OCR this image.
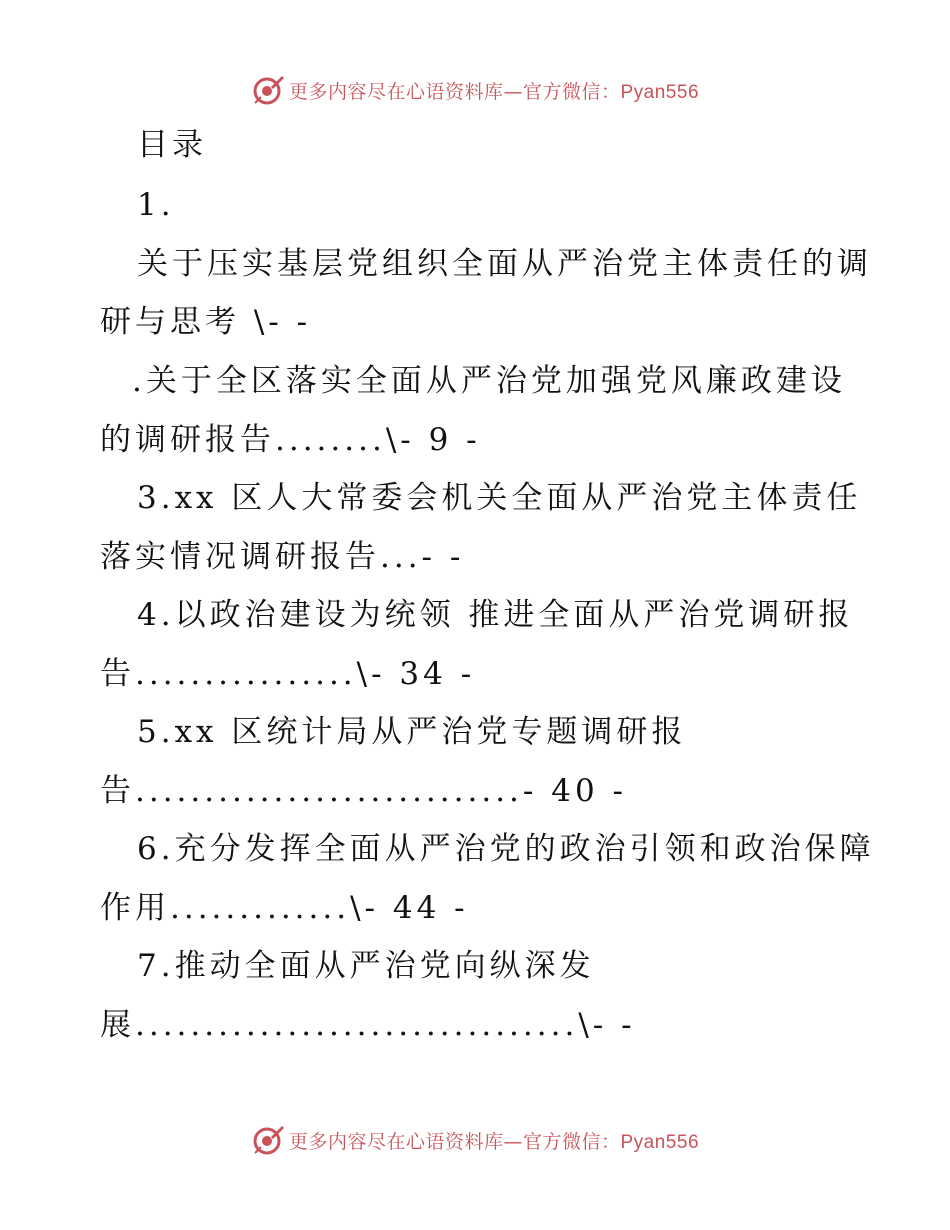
更多内容尽在心语资料库—官方微信：Pyan556
目录
1.
关于压实基层党组织全面从严治党主体责任的调
研与思考 \- -
.关于全区落实全面从严治党加强党风廉政建设
的调研报告........\- 9 -
3.xx 区人大常委会机关全面从严治党主体责任
落实情况调研报告...- -
4.以政治建设为统领 推进全面从严治党调研报
告................\- 34 -
5.xx 区统计局从严治党专题调研报
告............................- 40 -
6.充分发挥全面从严治党的政治引领和政治保障
作用.............\- 44 -
7.推动全面从严治党向纵深发
展................................\- -
更多内容尽在心语资料库—官方微信：Pyan556
